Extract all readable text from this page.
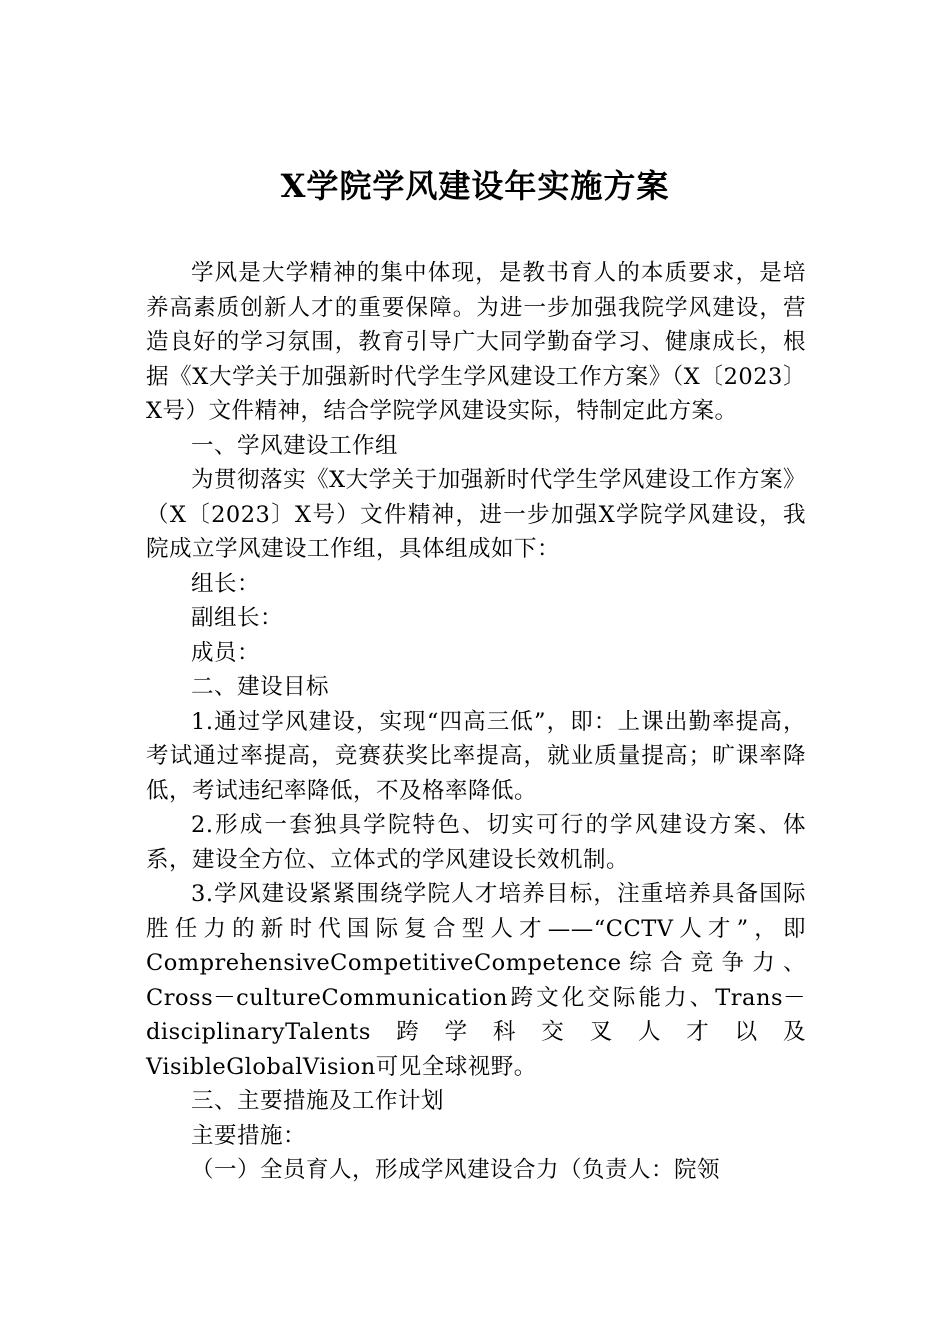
X学院学风建设年实施方案

学风是大学精神的集中体现，是教书育人的本质要求，是培养高素质创新人才的重要保障。为进一步加强我院学风建设，营造良好的学习氛围，教育引导广大同学勤奋学习、健康成长，根据《X大学关于加强新时代学生学风建设工作方案》（X〔2023〕X号）文件精神，结合学院学风建设实际，特制定此方案。

一、学风建设工作组

为贯彻落实《X大学关于加强新时代学生学风建设工作方案》（X〔2023〕X号）文件精神，进一步加强X学院学风建设，我院成立学风建设工作组，具体组成如下：

组长：

副组长：

成员：

二、建设目标

1.通过学风建设，实现“四高三低”，即：上课出勤率提高，考试通过率提高，竞赛获奖比率提高，就业质量提高；旷课率降低，考试违纪率降低，不及格率降低。

2.形成一套独具学院特色、切实可行的学风建设方案、体系，建设全方位、立体式的学风建设长效机制。

3.学风建设紧紧围绕学院人才培养目标，注重培养具备国际胜任力的新时代国际复合型人才——“CCTV人才”，即ComprehensiveCompetitiveCompetence综合竞争力、Cross－cultureCommunication跨文化交际能力、Trans－disciplinaryTalents跨学科交叉人才以及VisibleGlobalVision可见全球视野。

三、主要措施及工作计划

主要措施：

（一）全员育人，形成学风建设合力（负责人：院领
